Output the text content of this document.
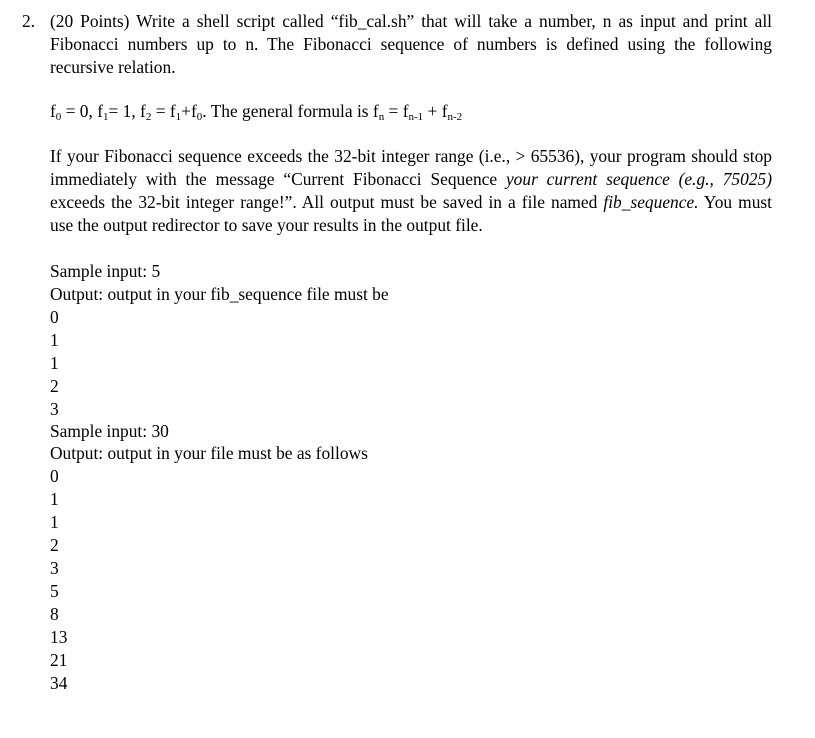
2. (20 Points) Write a shell script called “fib_cal.sh” that will take a number, n as input and print all Fibonacci numbers up to n. The Fibonacci sequence of numbers is defined using the following recursive relation.
$f_0 = 0$, $f_1= 1$, $f_2 = f_1+f_0$. The general formula is $f_n = f_{n-1} + f_{n-2}$
If your Fibonacci sequence exceeds the 32-bit integer range (i.e., > 65536), your program should stop immediately with the message “Current Fibonacci Sequence your current sequence (e.g., 75025) exceeds the 32-bit integer range!”. All output must be saved in a file named fib_sequence. You must use the output redirector to save your results in the output file.
Sample input: 5
Output: output in your fib_sequence file must be
0
1
1
2
3
Sample input: 30
Output: output in your file must be as follows
0
1
1
2
3
5
8
13
21
34
